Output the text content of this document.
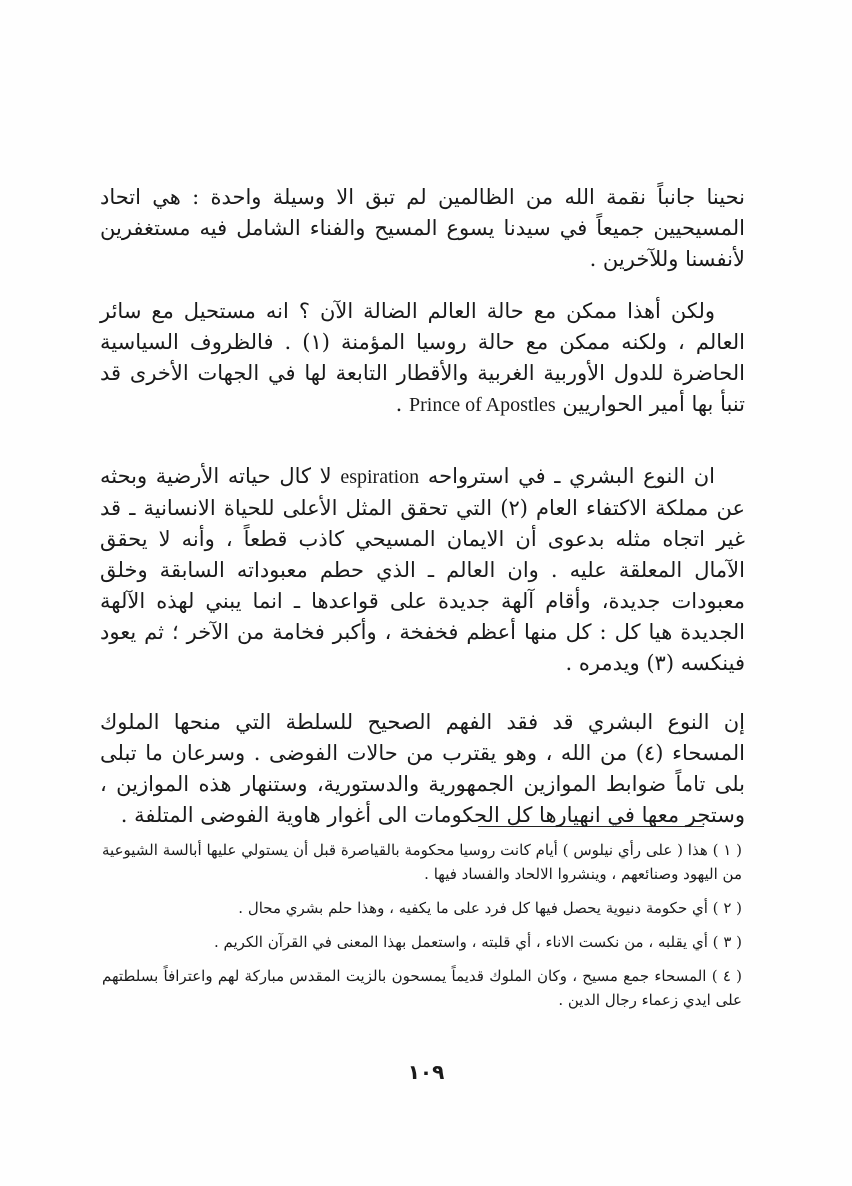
نحينا جانباً نقمة الله من الظالمين لم تبق الا وسيلة واحدة : هي اتحاد المسيحيين جميعاً في سيدنا يسوع المسيح والفناء الشامل فيه مستغفرين لأنفسنا وللآخرين .

ولكن أهذا ممكن مع حالة العالم الضالة الآن ؟ انه مستحيل مع سائر العالم ، ولكنه ممكن مع حالة روسيا المؤمنة (١) . فالظروف السياسية الحاضرة للدول الأوربية الغربية والأقطار التابعة لها في الجهات الأخرى قد تنبأ بها أمير الحواريين Prince of Apostles .

ان النوع البشري ـ في استرواحه espiration لا كال حياته الأرضية وبحثه عن مملكة الاكتفاء العام (٢) التي تحقق المثل الأعلى للحياة الانسانية ـ قد غير اتجاه مثله بدعوى أن الايمان المسيحي كاذب قطعاً ، وأنه لا يحقق الآمال المعلقة عليه . وان العالم ـ الذي حطم معبوداته السابقة وخلق معبودات جديدة، وأقام آلهة جديدة على قواعدها ـ انما يبني لهذه الآلهة الجديدة هيا كل : كل منها أعظم فخفخة ، وأكبر فخامة من الآخر ؛ ثم يعود فينكسه (٣) ويدمره .

إن النوع البشري قد فقد الفهم الصحيح للسلطة التي منحها الملوك المسحاء (٤) من الله ، وهو يقترب من حالات الفوضى . وسرعان ما تبلى بلى تاماً ضوابط الموازين الجمهورية والدستورية، وستنهار هذه الموازين ، وستجر معها في انهيارها كل الحكومات الى أغوار هاوية الفوضى المتلفة .

( ١ ) هذا ( على رأي نيلوس ) أيام كانت روسيا محكومة بالقياصرة قبل أن يستولي عليها أبالسة الشيوعية من اليهود وصنائعهم ، وينشروا الالحاد والفساد فيها .

( ٢ ) أي حكومة دنيوية يحصل فيها كل فرد على ما يكفيه ، وهذا حلم بشري محال .

( ٣ ) أي يقلبه ، من نكست الاناء ، أي قلبته ، واستعمل بهذا المعنى في القرآن الكريم .

( ٤ ) المسحاء جمع مسيح ، وكان الملوك قديماً يمسحون بالزيت المقدس مباركة لهم واعترافاً بسلطتهم على ايدي زعماء رجال الدين .

١٠٩
